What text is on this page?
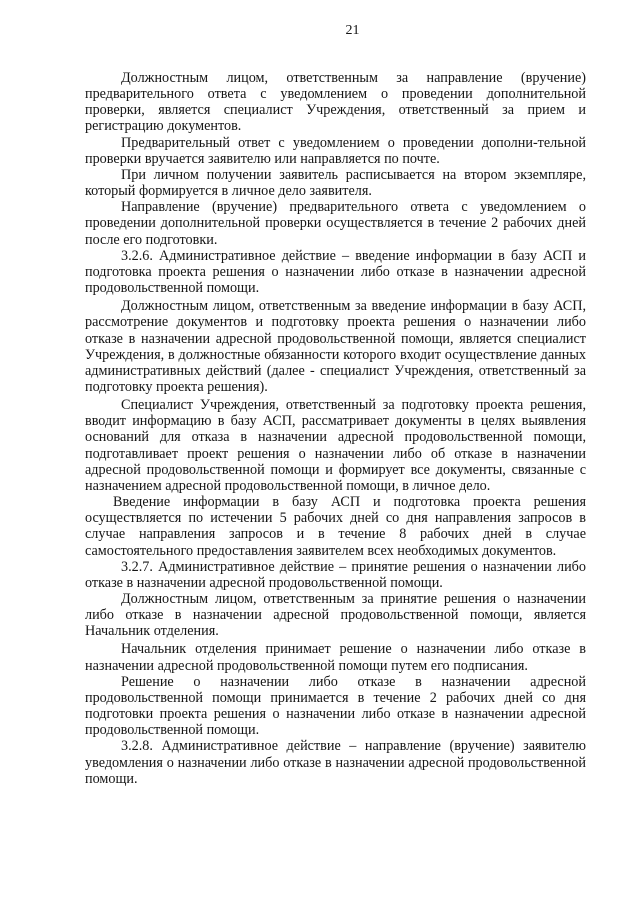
21

Должностным лицом, ответственным за направление (вручение) предварительного ответа с уведомлением о проведении дополнительной проверки, является специалист Учреждения, ответственный за прием и регистрацию документов.

Предварительный ответ с уведомлением о проведении дополни-тельной проверки вручается заявителю или направляется по почте.

При личном получении заявитель расписывается на втором экземпляре, который формируется в личное дело заявителя.

Направление (вручение) предварительного ответа с уведомлением о проведении дополнительной проверки осуществляется в течение 2 рабочих дней после его подготовки.

3.2.6. Административное действие – введение информации в базу АСП и подготовка проекта решения о назначении либо отказе в назначении адресной продовольственной помощи.

Должностным лицом, ответственным за введение информации в базу АСП, рассмотрение документов и подготовку проекта решения о назначении либо отказе в назначении адресной продовольственной помощи, является специалист Учреждения, в должностные обязанности которого входит осуществление данных административных действий (далее - специалист Учреждения, ответственный за подготовку проекта решения).

Специалист Учреждения, ответственный за подготовку проекта решения, вводит информацию в базу АСП, рассматривает документы в целях выявления оснований для отказа в назначении адресной продовольственной помощи, подготавливает проект решения о назначении либо об отказе в назначении адресной продовольственной помощи и формирует все документы, связанные с назначением адресной продовольственной помощи, в личное дело.

Введение информации в базу АСП и подготовка проекта решения осуществляется по истечении 5 рабочих дней со дня направления запросов в случае направления запросов и в течение 8 рабочих дней в случае самостоятельного предоставления заявителем всех необходимых документов.

3.2.7. Административное действие – принятие решения о назначении либо отказе в назначении адресной продовольственной помощи.

Должностным лицом, ответственным за принятие решения о назначении либо отказе в назначении адресной продовольственной помощи, является Начальник отделения.

Начальник отделения принимает решение о назначении либо отказе в назначении адресной продовольственной помощи путем его подписания.

Решение о назначении либо отказе в назначении адресной продовольственной помощи принимается в течение 2 рабочих дней со дня подготовки проекта решения о назначении либо отказе в назначении адресной продовольственной помощи.

3.2.8. Административное действие – направление (вручение) заявителю уведомления о назначении либо отказе в назначении адресной продовольственной помощи.
